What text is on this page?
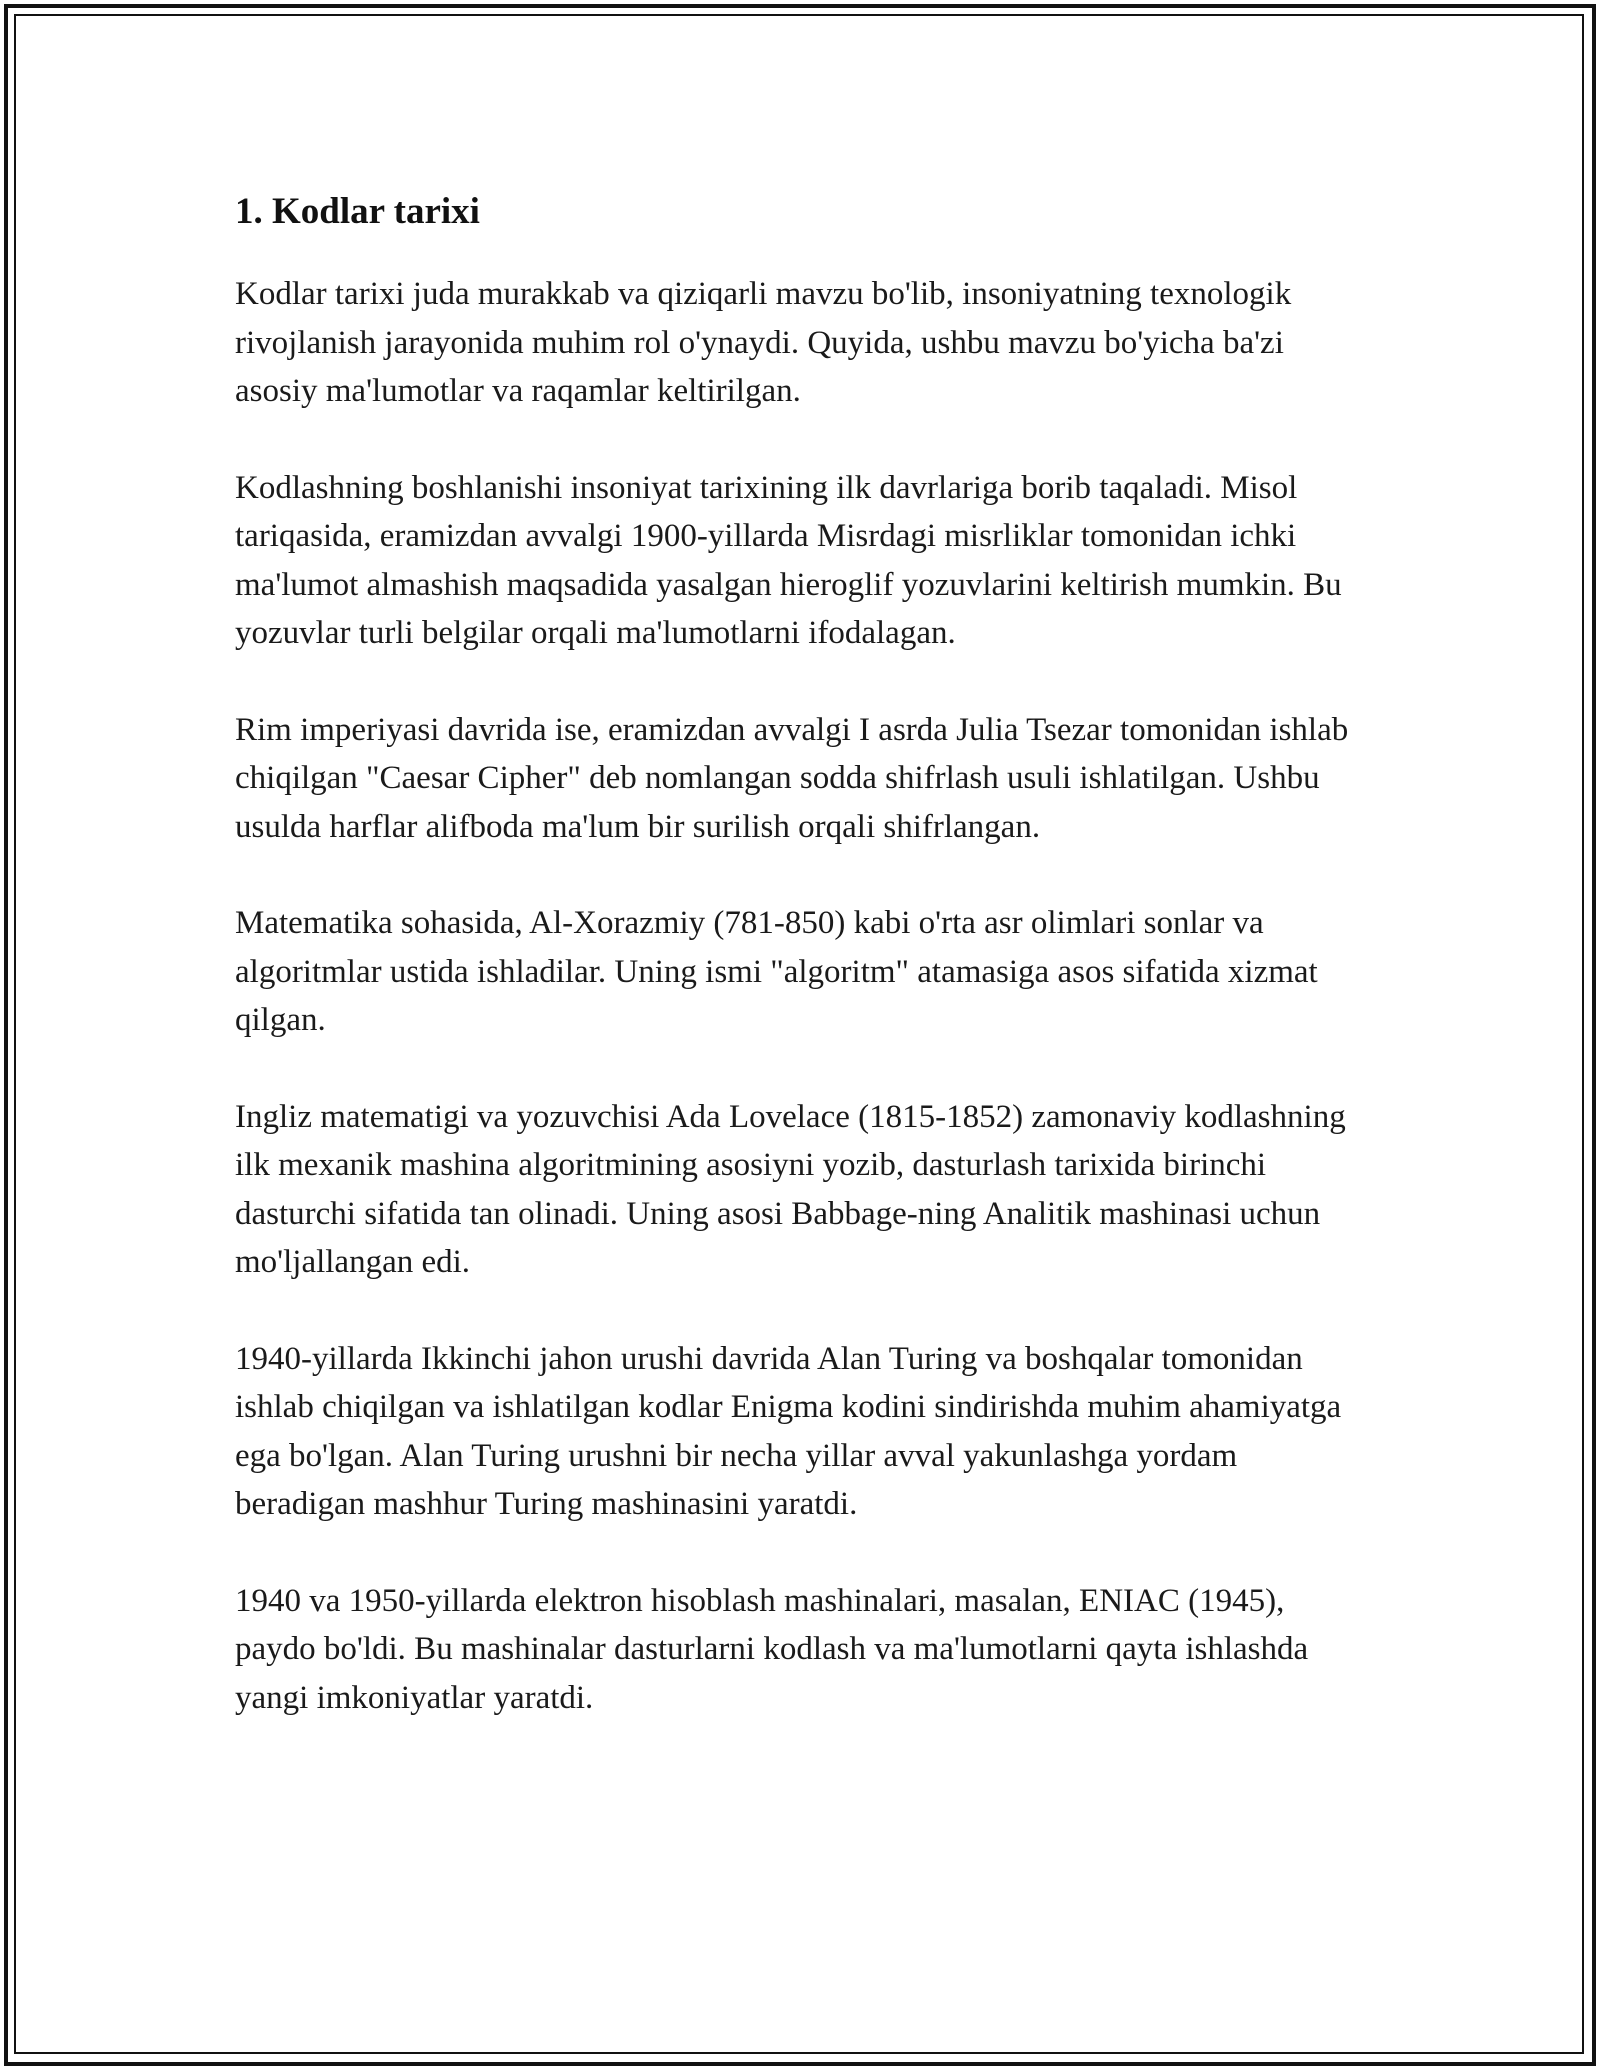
1. Kodlar tarixi

Kodlar tarixi juda murakkab va qiziqarli mavzu bo'lib, insoniyatning texnologik rivojlanish jarayonida muhim rol o'ynaydi. Quyida, ushbu mavzu bo'yicha ba'zi asosiy ma'lumotlar va raqamlar keltirilgan.

Kodlashning boshlanishi insoniyat tarixining ilk davrlariga borib taqaladi. Misol tariqasida, eramizdan avvalgi 1900-yillarda Misrdagi misrliklar tomonidan ichki ma'lumot almashish maqsadida yasalgan hieroglif yozuvlarini keltirish mumkin. Bu yozuvlar turli belgilar orqali ma'lumotlarni ifodalagan.

Rim imperiyasi davrida ise, eramizdan avvalgi I asrda Julia Tsezar tomonidan ishlab chiqilgan "Caesar Cipher" deb nomlangan sodda shifrlash usuli ishlatilgan. Ushbu usulda harflar alifboda ma'lum bir surilish orqali shifrlangan.

Matematika sohasida, Al-Xorazmiy (781-850) kabi o'rta asr olimlari sonlar va algoritmlar ustida ishladilar. Uning ismi "algoritm" atamasiga asos sifatida xizmat qilgan.

Ingliz matematigi va yozuvchisi Ada Lovelace (1815-1852) zamonaviy kodlashning ilk mexanik mashina algoritmining asosiyni yozib, dasturlash tarixida birinchi dasturchi sifatida tan olinadi. Uning asosi Babbage-ning Analitik mashinasi uchun mo'ljallangan edi.

1940-yillarda Ikkinchi jahon urushi davrida Alan Turing va boshqalar tomonidan ishlab chiqilgan va ishlatilgan kodlar Enigma kodini sindirishda muhim ahamiyatga ega bo'lgan. Alan Turing urushni bir necha yillar avval yakunlashga yordam beradigan mashhur Turing mashinasini yaratdi.

1940 va 1950-yillarda elektron hisoblash mashinalari, masalan, ENIAC (1945), paydo bo'ldi. Bu mashinalar dasturlarni kodlash va ma'lumotlarni qayta ishlashda yangi imkoniyatlar yaratdi.
